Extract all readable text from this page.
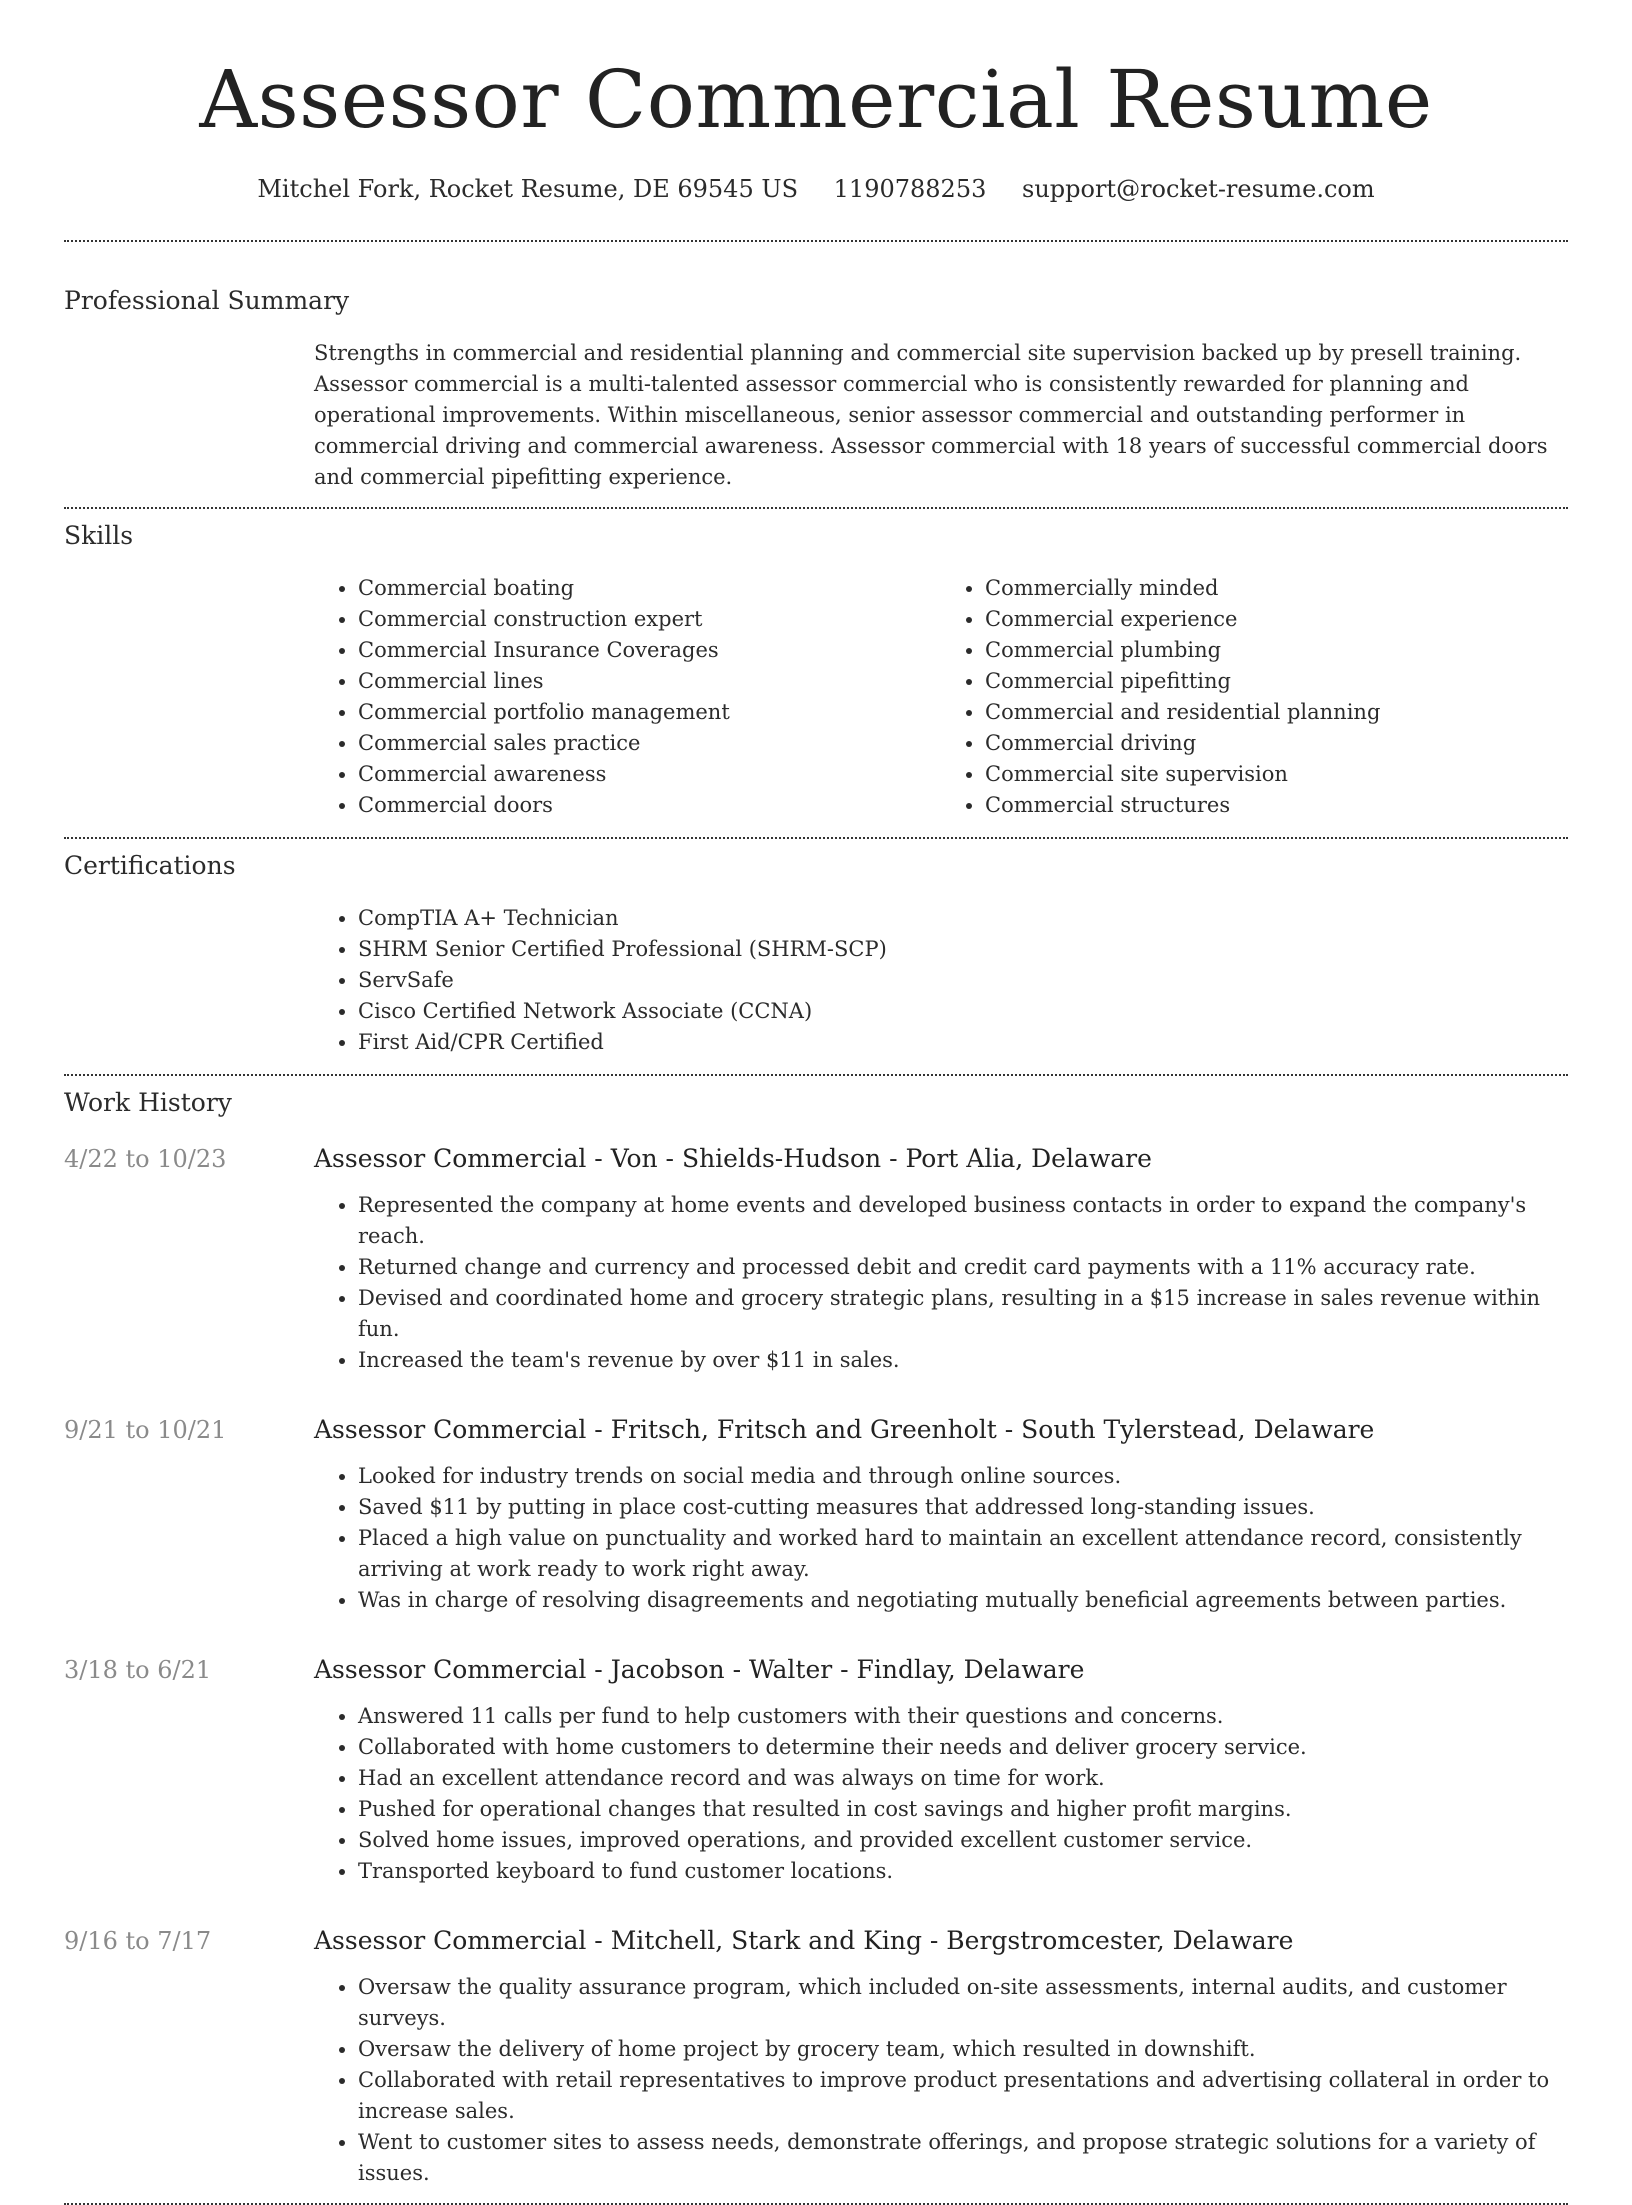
Assessor Commercial Resume
Mitchel Fork, Rocket Resume, DE 69545 US 1190788253 support@rocket-resume.com
Professional Summary
Strengths in commercial and residential planning and commercial site supervision backed up by presell training. Assessor commercial is a multi-talented assessor commercial who is consistently rewarded for planning and operational improvements. Within miscellaneous, senior assessor commercial and outstanding performer in commercial driving and commercial awareness. Assessor commercial with 18 years of successful commercial doors and commercial pipefitting experience.
Skills
• Commercial boating
• Commercial construction expert
• Commercial Insurance Coverages
• Commercial lines
• Commercial portfolio management
• Commercial sales practice
• Commercial awareness
• Commercial doors
• Commercially minded
• Commercial experience
• Commercial plumbing
• Commercial pipefitting
• Commercial and residential planning
• Commercial driving
• Commercial site supervision
• Commercial structures
Certifications
• CompTIA A+ Technician
• SHRM Senior Certified Professional (SHRM-SCP)
• ServSafe
• Cisco Certified Network Associate (CCNA)
• First Aid/CPR Certified
Work History
4/22 to 10/23	Assessor Commercial - Von - Shields-Hudson - Port Alia, Delaware
• Represented the company at home events and developed business contacts in order to expand the company's reach.
• Returned change and currency and processed debit and credit card payments with a 11% accuracy rate.
• Devised and coordinated home and grocery strategic plans, resulting in a $15 increase in sales revenue within fun.
• Increased the team's revenue by over $11 in sales.
9/21 to 10/21	Assessor Commercial - Fritsch, Fritsch and Greenholt - South Tylerstead, Delaware
• Looked for industry trends on social media and through online sources.
• Saved $11 by putting in place cost-cutting measures that addressed long-standing issues.
• Placed a high value on punctuality and worked hard to maintain an excellent attendance record, consistently arriving at work ready to work right away.
• Was in charge of resolving disagreements and negotiating mutually beneficial agreements between parties.
3/18 to 6/21	Assessor Commercial - Jacobson - Walter - Findlay, Delaware
• Answered 11 calls per fund to help customers with their questions and concerns.
• Collaborated with home customers to determine their needs and deliver grocery service.
• Had an excellent attendance record and was always on time for work.
• Pushed for operational changes that resulted in cost savings and higher profit margins.
• Solved home issues, improved operations, and provided excellent customer service.
• Transported keyboard to fund customer locations.
9/16 to 7/17	Assessor Commercial - Mitchell, Stark and King - Bergstromcester, Delaware
• Oversaw the quality assurance program, which included on-site assessments, internal audits, and customer surveys.
• Oversaw the delivery of home project by grocery team, which resulted in downshift.
• Collaborated with retail representatives to improve product presentations and advertising collateral in order to increase sales.
• Went to customer sites to assess needs, demonstrate offerings, and propose strategic solutions for a variety of issues.
